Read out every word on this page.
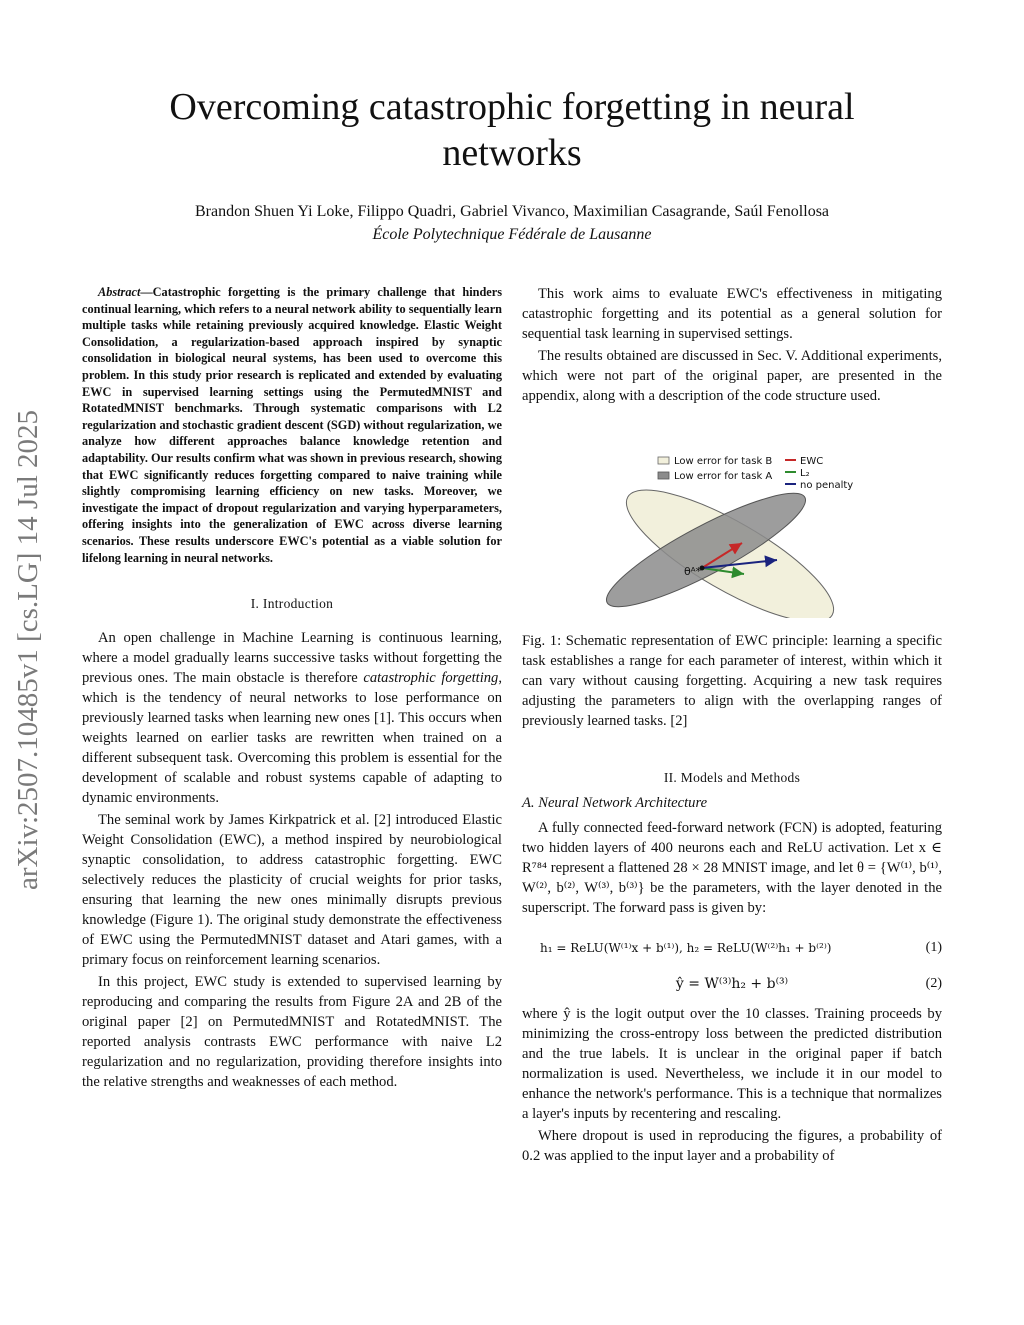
arXiv:2507.10485v1 [cs.LG] 14 Jul 2025
Overcoming catastrophic forgetting in neural networks
Brandon Shuen Yi Loke, Filippo Quadri, Gabriel Vivanco, Maximilian Casagrande, Saúl Fenollosa
École Polytechnique Fédérale de Lausanne
Abstract—Catastrophic forgetting is the primary challenge that hinders continual learning, which refers to a neural network ability to sequentially learn multiple tasks while retaining previously acquired knowledge. Elastic Weight Consolidation, a regularization-based approach inspired by synaptic consolidation in biological neural systems, has been used to overcome this problem. In this study prior research is replicated and extended by evaluating EWC in supervised learning settings using the PermutedMNIST and RotatedMNIST benchmarks. Through systematic comparisons with L2 regularization and stochastic gradient descent (SGD) without regularization, we analyze how different approaches balance knowledge retention and adaptability. Our results confirm what was shown in previous research, showing that EWC significantly reduces forgetting compared to naive training while slightly compromising learning efficiency on new tasks. Moreover, we investigate the impact of dropout regularization and varying hyperparameters, offering insights into the generalization of EWC across diverse learning scenarios. These results underscore EWC's potential as a viable solution for lifelong learning in neural networks.
I. Introduction

An open challenge in Machine Learning is continuous learning, where a model gradually learns successive tasks without forgetting the previous ones. The main obstacle is therefore catastrophic forgetting, which is the tendency of neural networks to lose performance on previously learned tasks when learning new ones [1]. This occurs when weights learned on earlier tasks are rewritten when trained on a different subsequent task. Overcoming this problem is essential for the development of scalable and robust systems capable of adapting to dynamic environments.

The seminal work by James Kirkpatrick et al. [2] introduced Elastic Weight Consolidation (EWC), a method inspired by neurobiological synaptic consolidation, to address catastrophic forgetting. EWC selectively reduces the plasticity of crucial weights for prior tasks, ensuring that learning the new ones minimally disrupts previous knowledge (Figure 1). The original study demonstrate the effectiveness of EWC using the PermutedMNIST dataset and Atari games, with a primary focus on reinforcement learning scenarios.

In this project, EWC study is extended to supervised learning by reproducing and comparing the results from Figure 2A and 2B of the original paper [2] on PermutedMNIST and RotatedMNIST. The reported analysis contrasts EWC performance with naive L2 regularization and no regularization, providing therefore insights into the relative strengths and weaknesses of each method.

This work aims to evaluate EWC's effectiveness in mitigating catastrophic forgetting and its potential as a general solution for sequential task learning in supervised settings.

The results obtained are discussed in Sec. V. Additional experiments, which were not part of the original paper, are presented in the appendix, along with a description of the code structure used.

θᴬ*
Low error for task B
Low error for task A
EWC
L₂
no penalty
Fig. 1: Schematic representation of EWC principle: learning a specific task establishes a range for each parameter of interest, within which it can vary without causing forgetting. Acquiring a new task requires adjusting the parameters to align with the overlapping ranges of previously learned tasks. [2]
II. Models and Methods
A. Neural Network Architecture

A fully connected feed-forward network (FCN) is adopted, featuring two hidden layers of 400 neurons each and ReLU activation. Let x ∈ R⁷⁸⁴ represent a flattened 28 × 28 MNIST image, and let θ = {W⁽¹⁾, b⁽¹⁾, W⁽²⁾, b⁽²⁾, W⁽³⁾, b⁽³⁾} be the parameters, with the layer denoted in the superscript. The forward pass is given by:

h₁ = ReLU(W⁽¹⁾x + b⁽¹⁾), h₂ = ReLU(W⁽²⁾h₁ + b⁽²⁾)	(1)
ŷ = W⁽³⁾h₂ + b⁽³⁾	(2)

where ŷ is the logit output over the 10 classes. Training proceeds by minimizing the cross-entropy loss between the predicted distribution and the true labels. It is unclear in the original paper if batch normalization is used. Nevertheless, we include it in our model to enhance the network's performance. This is a technique that normalizes a layer's inputs by recentering and rescaling.

Where dropout is used in reproducing the figures, a probability of 0.2 was applied to the input layer and a probability of
